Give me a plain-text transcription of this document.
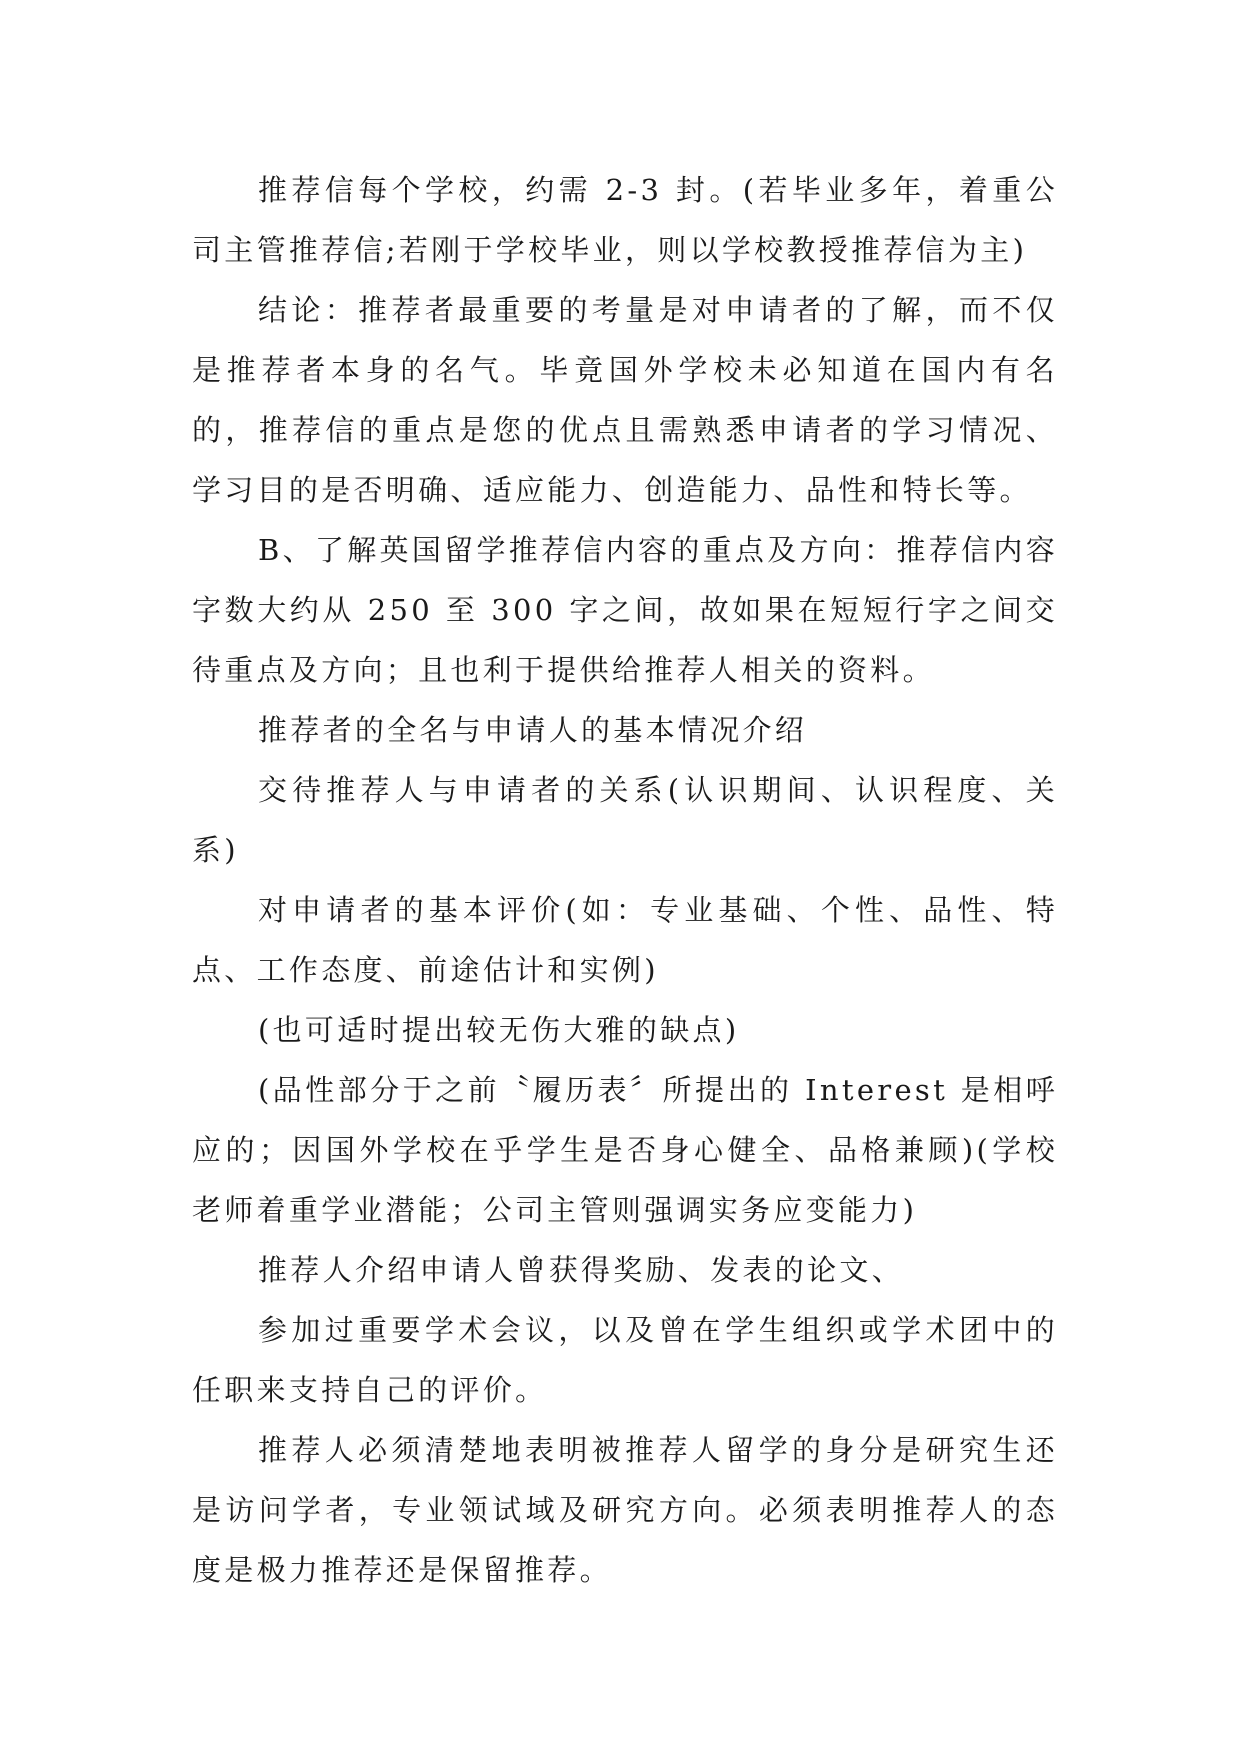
推荐信每个学校，约需 2-3 封。(若毕业多年，着重公司主管推荐信;若刚于学校毕业，则以学校教授推荐信为主)

结论：推荐者最重要的考量是对申请者的了解，而不仅是推荐者本身的名气。毕竟国外学校未必知道在国内有名的，推荐信的重点是您的优点且需熟悉申请者的学习情况、学习目的是否明确、适应能力、创造能力、品性和特长等。

B、了解英国留学推荐信内容的重点及方向：推荐信内容字数大约从 250 至 300 字之间，故如果在短短行字之间交待重点及方向；且也利于提供给推荐人相关的资料。

推荐者的全名与申请人的基本情况介绍

交待推荐人与申请者的关系(认识期间、认识程度、关系)

对申请者的基本评价(如：专业基础、个性、品性、特点、工作态度、前途估计和实例)

(也可适时提出较无伤大雅的缺点)

(品性部分于之前〝履历表〞所提出的 Interest 是相呼应的；因国外学校在乎学生是否身心健全、品格兼顾)(学校老师着重学业潜能；公司主管则强调实务应变能力)

推荐人介绍申请人曾获得奖励、发表的论文、

参加过重要学术会议，以及曾在学生组织或学术团中的任职来支持自己的评价。

推荐人必须清楚地表明被推荐人留学的身分是研究生还是访问学者，专业领试域及研究方向。必须表明推荐人的态度是极力推荐还是保留推荐。
